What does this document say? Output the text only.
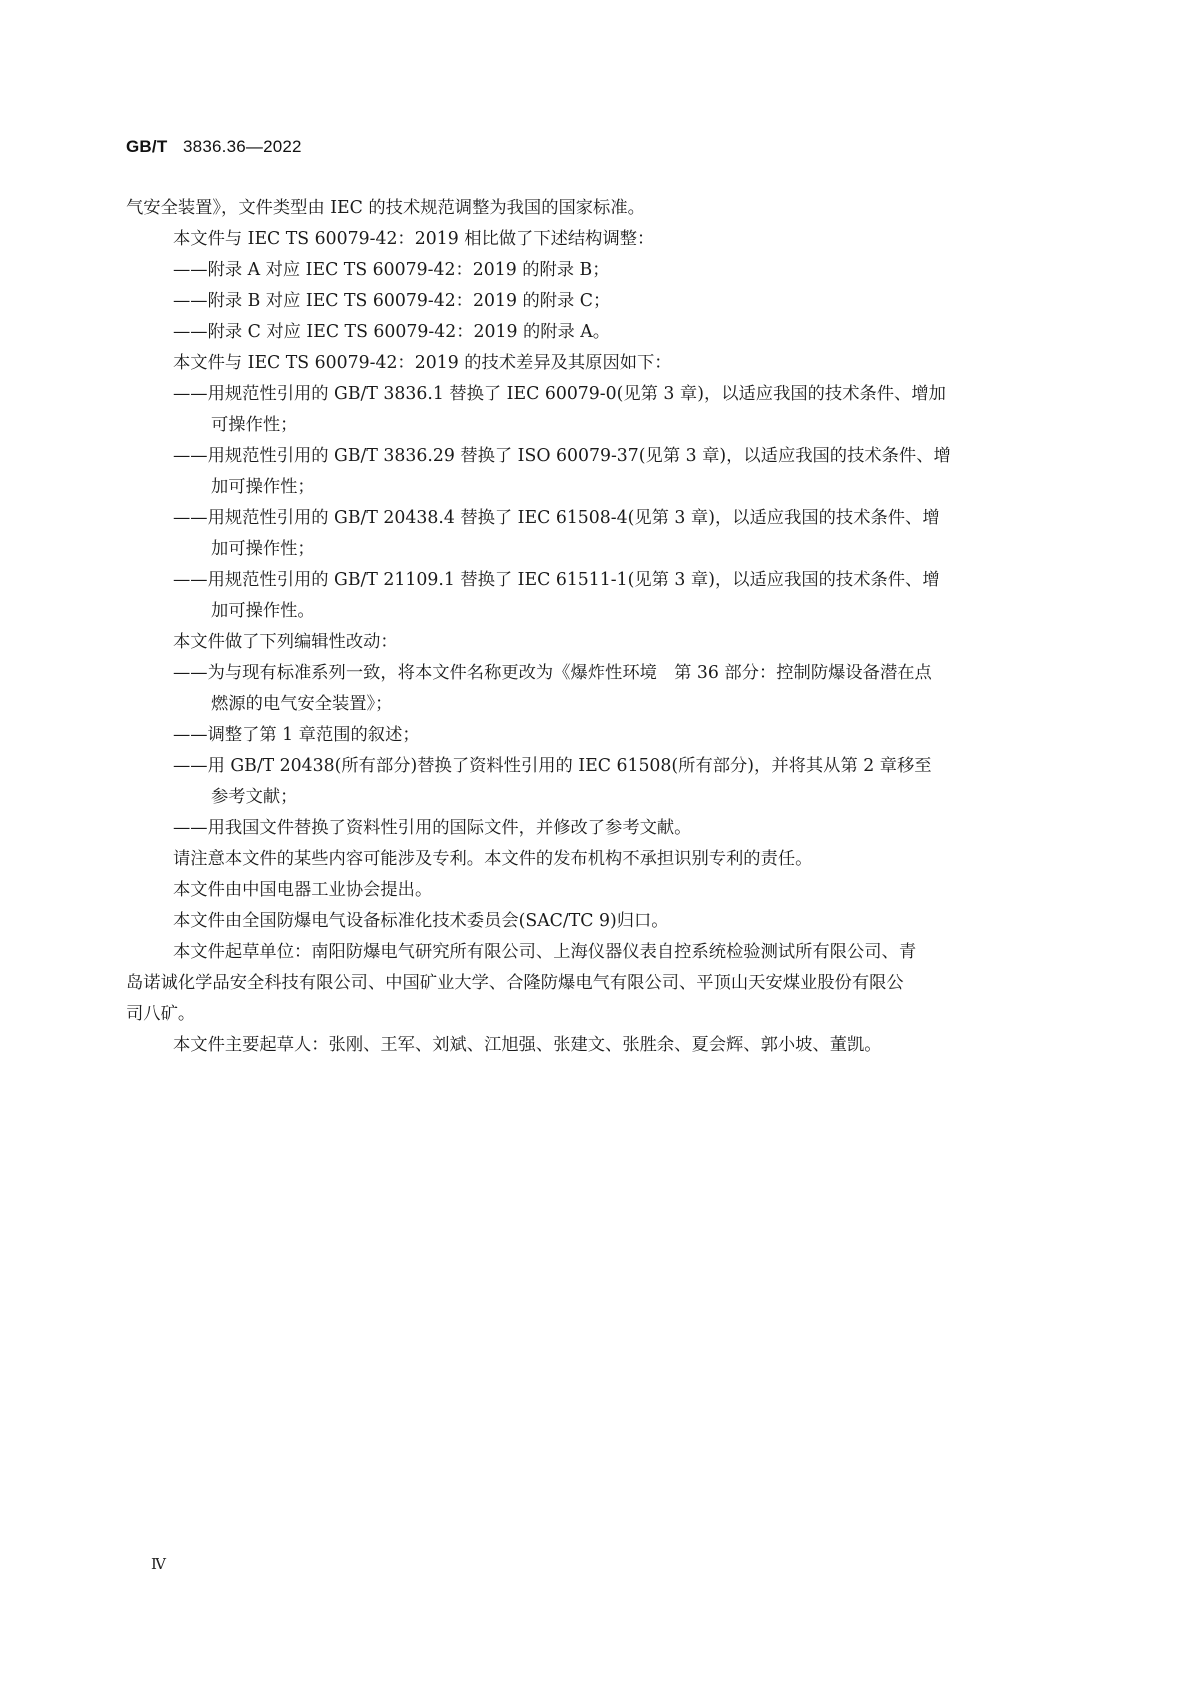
GB/T 3836.36—2022
气安全装置》，文件类型由 IEC 的技术规范调整为我国的国家标准。
本文件与 IEC TS 60079-42：2019 相比做了下述结构调整：
——附录 A 对应 IEC TS 60079-42：2019 的附录 B；
——附录 B 对应 IEC TS 60079-42：2019 的附录 C；
——附录 C 对应 IEC TS 60079-42：2019 的附录 A。
本文件与 IEC TS 60079-42：2019 的技术差异及其原因如下：
——用规范性引用的 GB/T 3836.1 替换了 IEC 60079-0(见第 3 章)，以适应我国的技术条件、增加
可操作性；
——用规范性引用的 GB/T 3836.29 替换了 ISO 60079-37(见第 3 章)，以适应我国的技术条件、增
加可操作性；
——用规范性引用的 GB/T 20438.4 替换了 IEC 61508-4(见第 3 章)，以适应我国的技术条件、增
加可操作性；
——用规范性引用的 GB/T 21109.1 替换了 IEC 61511-1(见第 3 章)，以适应我国的技术条件、增
加可操作性。
本文件做了下列编辑性改动：
——为与现有标准系列一致，将本文件名称更改为《爆炸性环境　第 36 部分：控制防爆设备潜在点
燃源的电气安全装置》；
——调整了第 1 章范围的叙述；
——用 GB/T 20438(所有部分)替换了资料性引用的 IEC 61508(所有部分)，并将其从第 2 章移至
参考文献；
——用我国文件替换了资料性引用的国际文件，并修改了参考文献。
请注意本文件的某些内容可能涉及专利。本文件的发布机构不承担识别专利的责任。
本文件由中国电器工业协会提出。
本文件由全国防爆电气设备标准化技术委员会(SAC/TC 9)归口。
本文件起草单位：南阳防爆电气研究所有限公司、上海仪器仪表自控系统检验测试所有限公司、青
岛诺诚化学品安全科技有限公司、中国矿业大学、合隆防爆电气有限公司、平顶山天安煤业股份有限公
司八矿。
本文件主要起草人：张刚、王军、刘斌、江旭强、张建文、张胜余、夏会辉、郭小坡、董凯。
Ⅳ
